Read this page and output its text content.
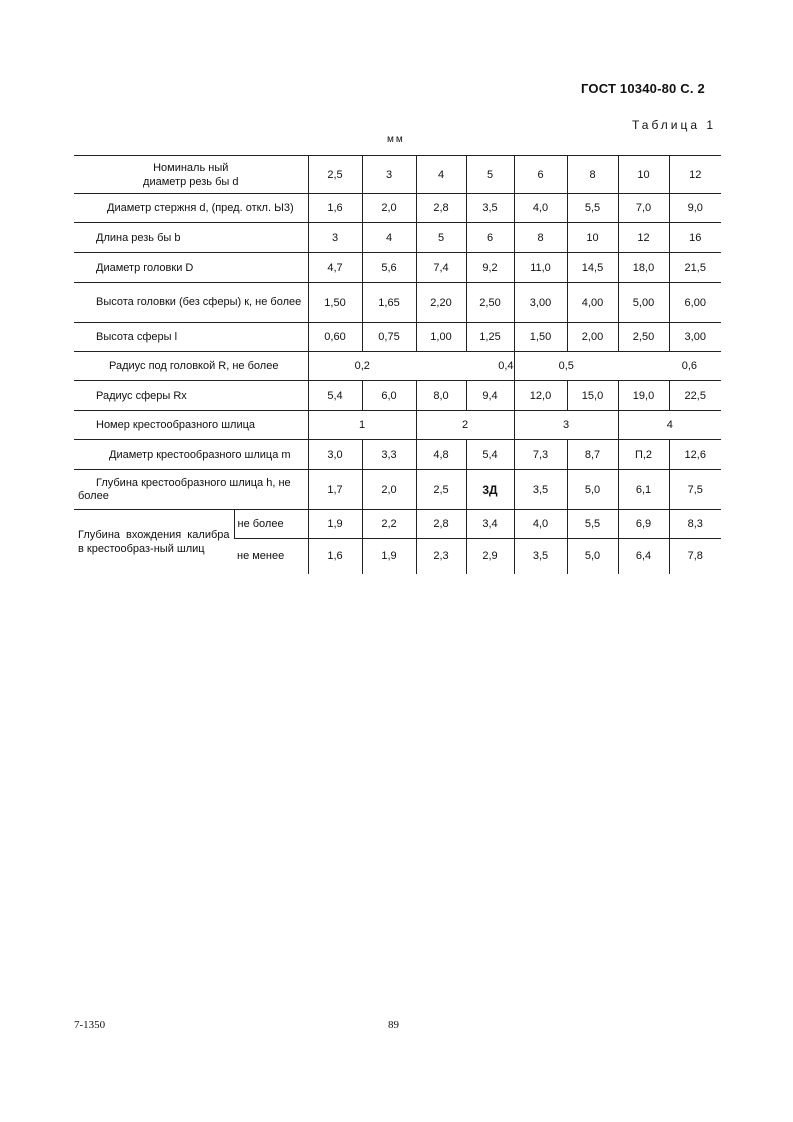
ГОСТ 10340-80 С. 2
Таблица 1
мм
Номиналь ный диаметр резь бы d		2,5	3	4	5	6	8	10	12
Диаметр стержня d, (пред. откл. Ы3)		1,6	2,0	2,8	3,5	4,0	5,5	7,0	9,0
Длина резь бы b		3	4	5	6	8	10	12	16
Диаметр головки D		4,7	5,6	7,4	9,2	11,0	14,5	18,0	21,5
Высота головки (без сферы) к, не более		1,50	1,65	2,20	2,50	3,00	4,00	5,00	6,00
Высота сферы l		0,60	0,75	1,00	1,25	1,50	2,00	2,50	3,00
Радиус под головкой R, не более		0,2		0,4		0,5		0,6	
Радиус сферы Rx		5,4	6,0	8,0	9,4	12,0	15,0	19,0	22,5
Номер крестообразного шлица		1		2		3		4	
Диаметр крестообразного шлица m		3,0	3,3	4,8	5,4	7,3	8,7	П,2	12,6
Глубина крестообразного шлица h, не более		1,7	2,0	2,5	3Д	3,5	5,0	6,1	7,5
Глубина вхождения калибра в крестообраз-ный шлиц	не более	1,9	2,2	2,8	3,4	4,0	5,5	6,9	8,3
	не менее	1,6	1,9	2,3	2,9	3,5	5,0	6,4	7,8
7-1350	89
